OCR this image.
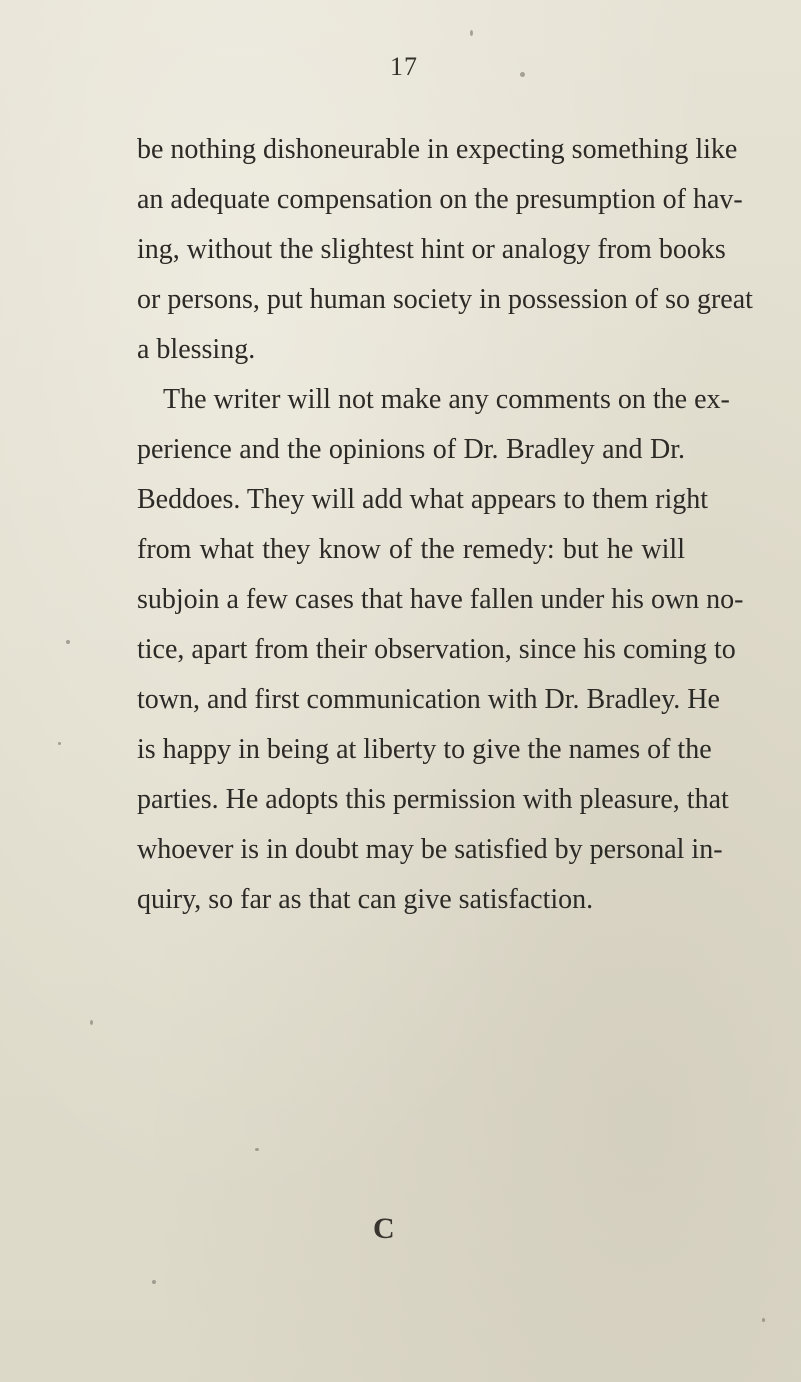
17
be nothing dishoneurable in expecting something like
an adequate compensation on the presumption of hav-
ing, without the slightest hint or analogy from books
or persons, put human society in possession of so great
a blessing.
The writer will not make any comments on the ex-
perience and the opinions of Dr. Bradley and Dr.
Beddoes. They will add what appears to them right
from what they know of the remedy: but he will
subjoin a few cases that have fallen under his own no-
tice, apart from their observation, since his coming to
town, and first communication with Dr. Bradley. He
is happy in being at liberty to give the names of the
parties. He adopts this permission with pleasure, that
whoever is in doubt may be satisfied by personal in-
quiry, so far as that can give satisfaction.
C
